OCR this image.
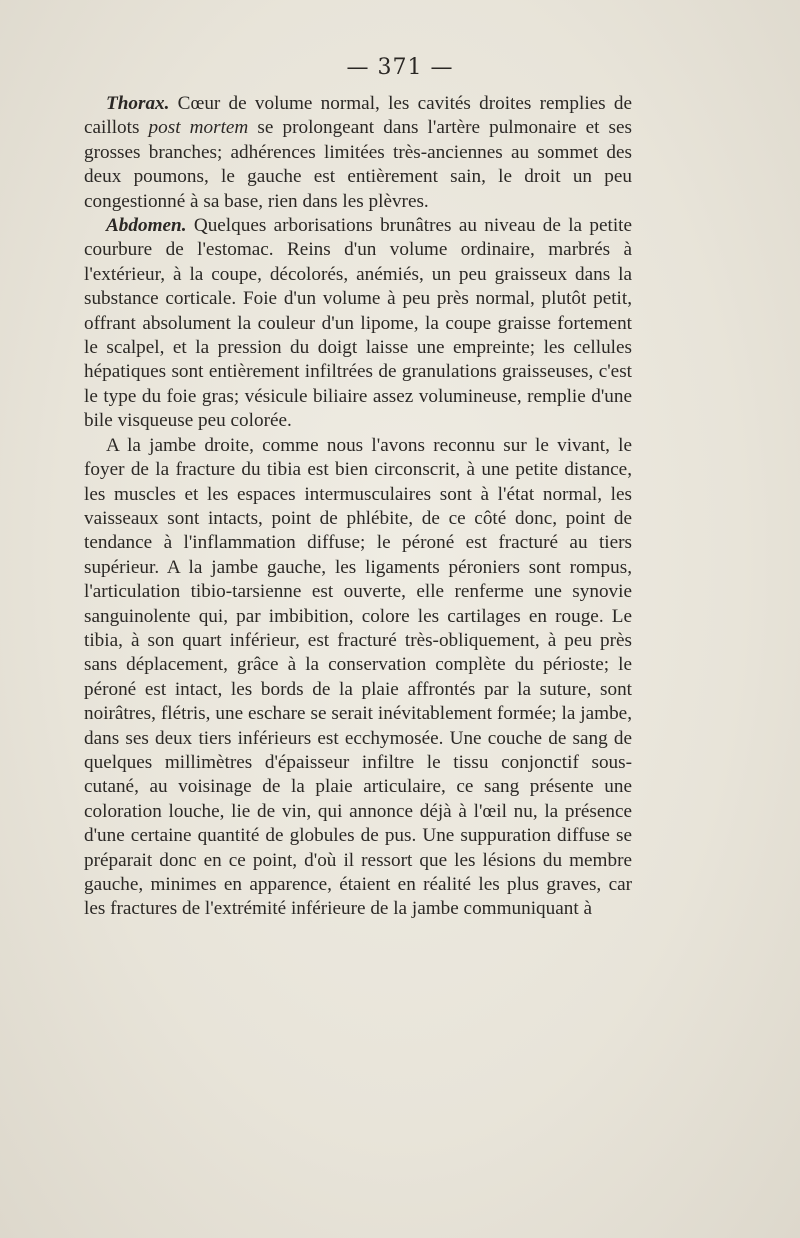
— 371 —

Thorax. Cœur de volume normal, les cavités droites remplies de caillots post mortem se prolongeant dans l'artère pulmonaire et ses grosses branches; adhérences limitées très-anciennes au sommet des deux poumons, le gauche est entièrement sain, le droit un peu congestionné à sa base, rien dans les plèvres.

Abdomen. Quelques arborisations brunâtres au niveau de la petite courbure de l'estomac. Reins d'un volume ordinaire, marbrés à l'extérieur, à la coupe, décolorés, anémiés, un peu graisseux dans la substance corticale. Foie d'un volume à peu près normal, plutôt petit, offrant absolument la couleur d'un lipome, la coupe graisse fortement le scalpel, et la pression du doigt laisse une empreinte; les cellules hépatiques sont entièrement infiltrées de granulations graisseuses, c'est le type du foie gras; vésicule biliaire assez volumineuse, remplie d'une bile visqueuse peu colorée.

A la jambe droite, comme nous l'avons reconnu sur le vivant, le foyer de la fracture du tibia est bien circonscrit, à une petite distance, les muscles et les espaces intermusculaires sont à l'état normal, les vaisseaux sont intacts, point de phlébite, de ce côté donc, point de tendance à l'inflammation diffuse; le péroné est fracturé au tiers supérieur. A la jambe gauche, les ligaments péroniers sont rompus, l'articulation tibio-tarsienne est ouverte, elle renferme une synovie sanguinolente qui, par imbibition, colore les cartilages en rouge. Le tibia, à son quart inférieur, est fracturé très-obliquement, à peu près sans déplacement, grâce à la conservation complète du périoste; le péroné est intact, les bords de la plaie affrontés par la suture, sont noirâtres, flétris, une eschare se serait inévitablement formée; la jambe, dans ses deux tiers inférieurs est ecchymosée. Une couche de sang de quelques millimètres d'épaisseur infiltre le tissu conjonctif sous-cutané, au voisinage de la plaie articulaire, ce sang présente une coloration louche, lie de vin, qui annonce déjà à l'œil nu, la présence d'une certaine quantité de globules de pus. Une suppuration diffuse se préparait donc en ce point, d'où il ressort que les lésions du membre gauche, minimes en apparence, étaient en réalité les plus graves, car les fractures de l'extrémité inférieure de la jambe communiquant à
